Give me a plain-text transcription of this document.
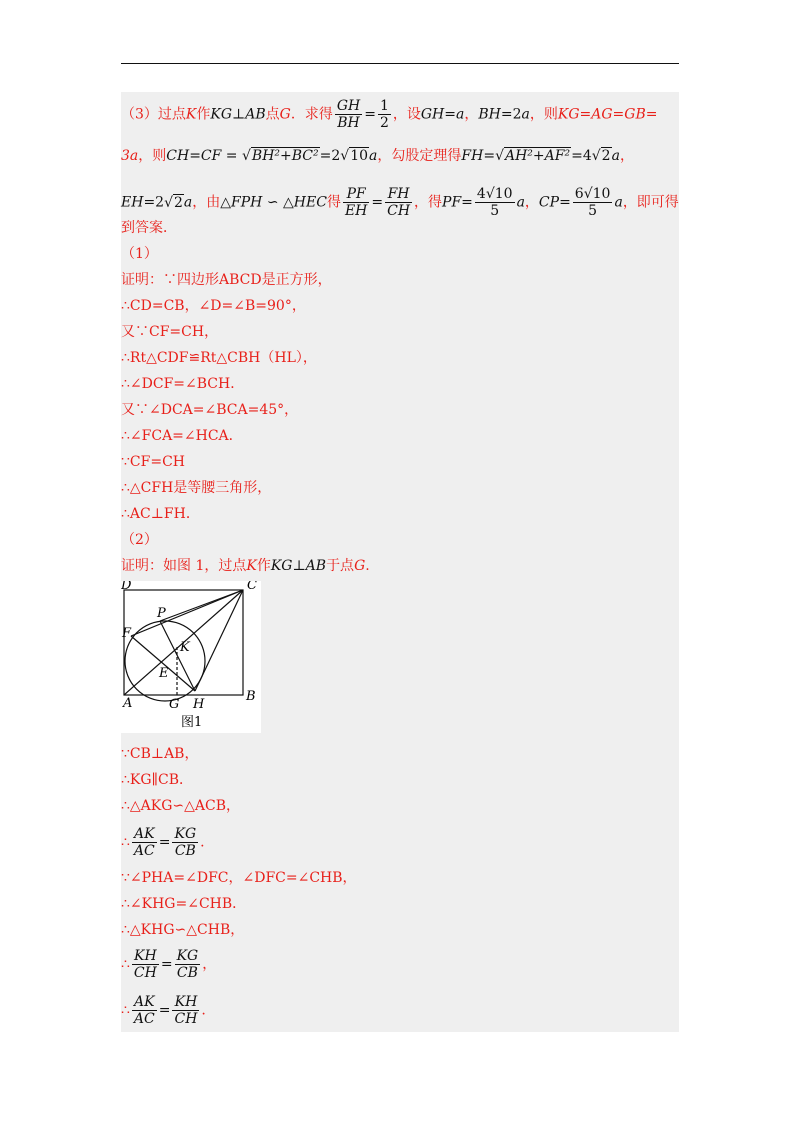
（3）过点K作KG⊥AB点G．求得 $\frac{GH}{BH} = \frac{1}{2}$ ，设GH=a，BH=2a，则KG=AG=GB=
3a，则CH=CF = √BH²+BC²=2√10a，勾股定理得FH=√AH²+AF²=4√2a，
EH=2√2a，由△FPH ∽ △HEC得 $\frac{PF}{EH} = \frac{FH}{CH}$ ，得$PF= \frac{4√10}{5}$ a，$CP= \frac{6√10}{5}$ a，即可得
到答案．
（1）
证明：∵四边形ABCD是正方形，
∴CD=CB，∠D=∠B=90°，
又∵CF=CH，
∴Rt△CDF≌Rt△CBH（HL），
∴∠DCF=∠BCH．
又∵∠DCA=∠BCA=45°，
∴∠FCA=∠HCA．
∵CF=CH
∴△CFH是等腰三角形，
∴AC⊥FH．
（2）
证明：如图 1，过点K作KG⊥AB于点G.
D	C
P
F
K
E
A	G H
B
图1
∵CB⊥AB，
∴KG∥CB．
∴△AKG∽△ACB，
∴ $\frac{AK}{AC} = \frac{KG}{CB}$ .
∵∠PHA=∠DFC，∠DFC=∠CHB，
∴∠KHG=∠CHB．
∴△KHG∽△CHB，
∴ $\frac{KH}{CH} = \frac{KG}{CB}$ ，
∴ $\frac{AK}{AC} = \frac{KH}{CH}$ .
